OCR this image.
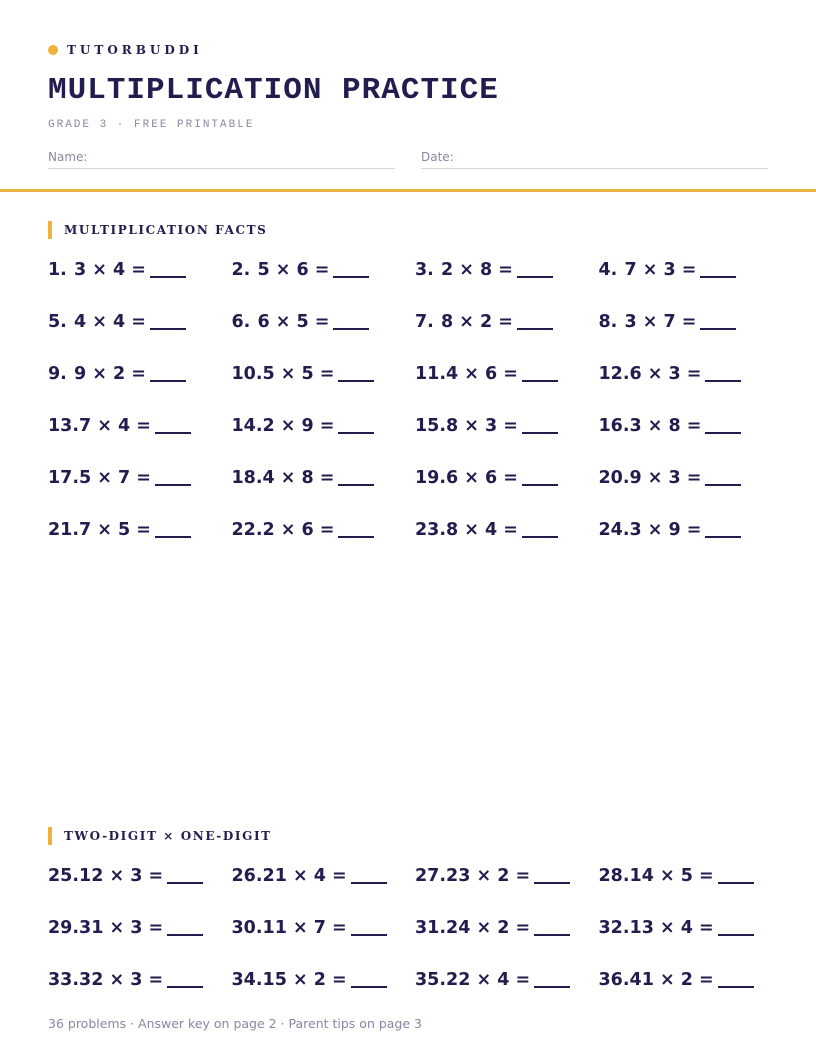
TUTORBUDDI
MULTIPLICATION PRACTICE
GRADE 3 · FREE PRINTABLE
Name:	Date:
MULTIPLICATION FACTS
1. 3 × 4 =	2. 5 × 6 =	3. 2 × 8 =	4. 7 × 3 =
5. 4 × 4 =	6. 6 × 5 =	7. 8 × 2 =	8. 3 × 7 =
9. 9 × 2 =	10. 5 × 5 =	11. 4 × 6 =	12. 6 × 3 =
13. 7 × 4 =	14. 2 × 9 =	15. 8 × 3 =	16. 3 × 8 =
17. 5 × 7 =	18. 4 × 8 =	19. 6 × 6 =	20. 9 × 3 =
21. 7 × 5 =	22. 2 × 6 =	23. 8 × 4 =	24. 3 × 9 =
TWO-DIGIT × ONE-DIGIT
25. 12 × 3 =	26. 21 × 4 =	27. 23 × 2 =	28. 14 × 5 =
29. 31 × 3 =	30. 11 × 7 =	31. 24 × 2 =	32. 13 × 4 =
33. 32 × 3 =	34. 15 × 2 =	35. 22 × 4 =	36. 41 × 2 =
36 problems · Answer key on page 2 · Parent tips on page 3
